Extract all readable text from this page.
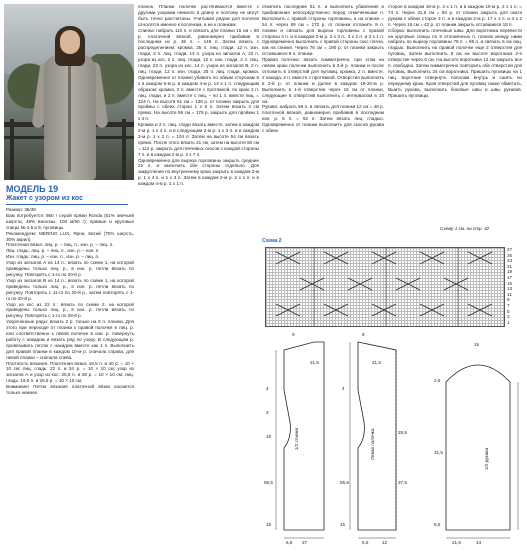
МОДЕЛЬ 19
Жакет с узором из кос

Размер: 36/38

Вам потребуется: 950 г серой пряжи Ronda (51% овечьей шерсти, 49% вискозы, 100 м/50 г); прямые и круговые спицы № 4,5 и 5; пуговицы.

Рекомендуем: MERINO LUX, Ярна, Китай (70% шерсть, 30% акрил).

Платочная вязка: лиц. р. – лиц. п., изн. р. – лиц. п.

Лиц. гладь: лиц. р. – лиц. п., изн. р. – изн. п.

Изн. гладь: лиц. р. – изн. п., изн. р. – лиц. п.

Узор из зигзагов А из 14 п.: вязать по схеме 1, на которой приведены только лиц. р., в изн. р. петли вязать по рисунку. Повторять с 1-го по 20-й р.

Узор из зигзагов В из 14 п.: вязать по схеме 1, на которой приведены только лиц. р., в изн. р. петли вязать по рисунку. Повторять с 11-го по 20-й р., затем повторять с 1-го по 20-й р.

Узор из кос из 22 п.: вязать по схеме 2, на которой приведены только лиц. р., в изн. р. петли вязать по рисунку. Повторять с 1-го по 28-й р.

Укороченные ряды: вязать 2 р. только на 9 п. планки. Для этого при переходе от планки к правой полочке в лиц. р. или соответственно к левой полочке в изн. р. повернуть работу с накидом и вязать ряд по узору. В следующем р. провязывать петлю с накидом вместе как 1 п. Выполнить для правой планки в каждом 10-м р. сначала справа, для левой планки – сначала слева.

Плотность вязания. Платочная вязка: 19,5 п. и 40 р. = 10 × 10 см; лиц. гладь: 22 п. и 34 р. = 10 × 10 см; узор из зигзагов А и узор из кос: 25,5 п. и 28 р. = 10 × 10 см; лиц. гладь: 19,5 п. и 26,5 р. = 10 × 10 см.

Внимание! Петли вязания платочной вязки касаются только нижних

планок. Планки полочек растягиваются вместе с другими узорами немного в длину и поэтому не могут быть точно рассчитаны. Учитывая рядом для полочек относятся именно к полочкам, а не к планкам.

Спинка: набрать 110 п. и связать для планки 15 см = 60 р. платочной вязкой, равномерно прибавив в последнем из р. 36 п. = 146 п. Затем вязать с распределением: кромка, 25 п. лиц. глади, 12 п. изн. глади, 2 п. лиц. глади, 14 п. узора из зигзагов А, 22 п. узора из кос, 2 п. лиц. глади, 12 п. изн. глади, 2 п. лиц. глади, 22 п. узора из кос, 14 п. узора из зигзагов В, 2 п. лиц. глади, 12 п. изн. глади, 25 п. лиц. глади, кромка. Одновременно от планки убавить по обеим сторонам 5 х в каждом 6-м р. в каждом 4-м р. 12 х 1 п. следующим образом: кромка, 2 п. вместе с протяжкой, по краю 2 п. лиц. глади, и 2 п. вместе с лиц. – по 1 п. вместе лиц. = 124 п. На высоте 51 см = 138 р. от планки закрыть для проймы с обеих сторон 1 х 6 п. Затем вязать 3 см прямо. На высоте 56 см = 176 р. закрыть для проймы 1 х 4 п.

Кромка и 2 п. лиц. глади вязать вместе, затем в каждом 2-м р. 1 х 4 п. и в следующем 2-м р. 1 х 3 п. и в каждом 2-м р. 1 х 2 п. = 104 п. Затем на высоте 54 см вязать прямо. После этого вязать 21 см, затем на высоте 60 см = 112 р. закрыть для плечевых скосов с каждой стороны 7 п. и в каждом 2-м р. 2 х 7 п.

Одновременно для выреза горловины закрыть средние 22 п. и закончить обе стороны отдельно. Для закругления по внутреннему краю закрыть в каждом 2-м р. 1 х 4 п. и 1 х 3 п. Затем в каждом 2-м р. 2 х 1 п. и в каждом 4-м р. 1 х 1 п.

отметить последние 51 п. и выполнить убавления и прибавления непосредственно перед отмеченными п. Выполнить с правой стороны горловины, а на спинке = 54 п. через 69 см = 172 р. от планки отложить 9 п. планки и связать для выреза горловины с правой стороны 4 п. и в каждом 2-м р. 3 х 3 п., 3 х 2 п. и 3 х 1 п. Одновременно выполнить с правой стороны скос плеча, как на спинке. Через 76 см = 190 р. от планки закрыть оставшиеся 8 п. планки.

Правая полочка: вязать симметрично, при этом на левом краю полочки выполнить в 3-й р. планки и после отложить 6 отверстий для пуговиц: кромка, 2 п. вместе, 2 накида, 2 п. вместе с протяжкой. Отверстия выполнять в 2-й р. от планки и далее в каждом 19-20-м р. Выполнить в 1-й отверстие через 16 см от планки, следующие 5 отверстий выполнить с интервалом в 10 см.

Рукава: набрать 56 п. и связать для планки 12 см = 48 р. платочной вязкой, равномерно прибавив в последнем изн. р. 6 п. = 62 п. Затем вязать лиц. гладью. Одновременно от планки выполнить для скосов рукава с обеих

сторон в каждом 16-м р. 4 х 1 п. и в каждом 10-м р. 2 х 1 п. = 74 п. Через 31,5 см = 84 р. от планки закрыть для оката рукава с обеих сторон 3 п. и в каждом 2-м р. 17 х 1 п. и 3 х 2 п. Через 16 см = 42 р. от планки закрыть оставшиеся 18 п.

Сборка: выполнить плечевые швы. Для воротника перевести на круговые спицы по 9 отложенных п. планок между ними набрать по вырезу горловины 78 п. = 96 п. и связать 5 см лиц. гладью. Выполнить на правой полочке еще 2 отверстия для пуговиц. Затем выполнить 8 см на высоте воротника 2-е отверстие через 6 см. На высоте воротника 12 см закрыть все п. свободно. Затем симметрично повторить обе отверстия для пуговиц. Выполнить 24 см воротника. Пришить пуговицы на 1 лиц. воротник отвернуть пополам внутрь и сшить по переднему краю. Края отверстий для пуговиц также обметать. Вшить рукава, выполнить боковые швы и швы рукавов. Пришить пуговицы.

Схему 1 см. на стр. 42
Схема 2
27
25
23
21
19
17
15
13
11
9
7
5
3
1
9
21,5
4
3
18
55,5
15
6,5 27
21,5
55,5
15
4
28,5
8
37,5
6,5	12
2,5
31,5
15
14
21,5
6,5
1/2 спинки	Левая полочка	1/2 рукава
